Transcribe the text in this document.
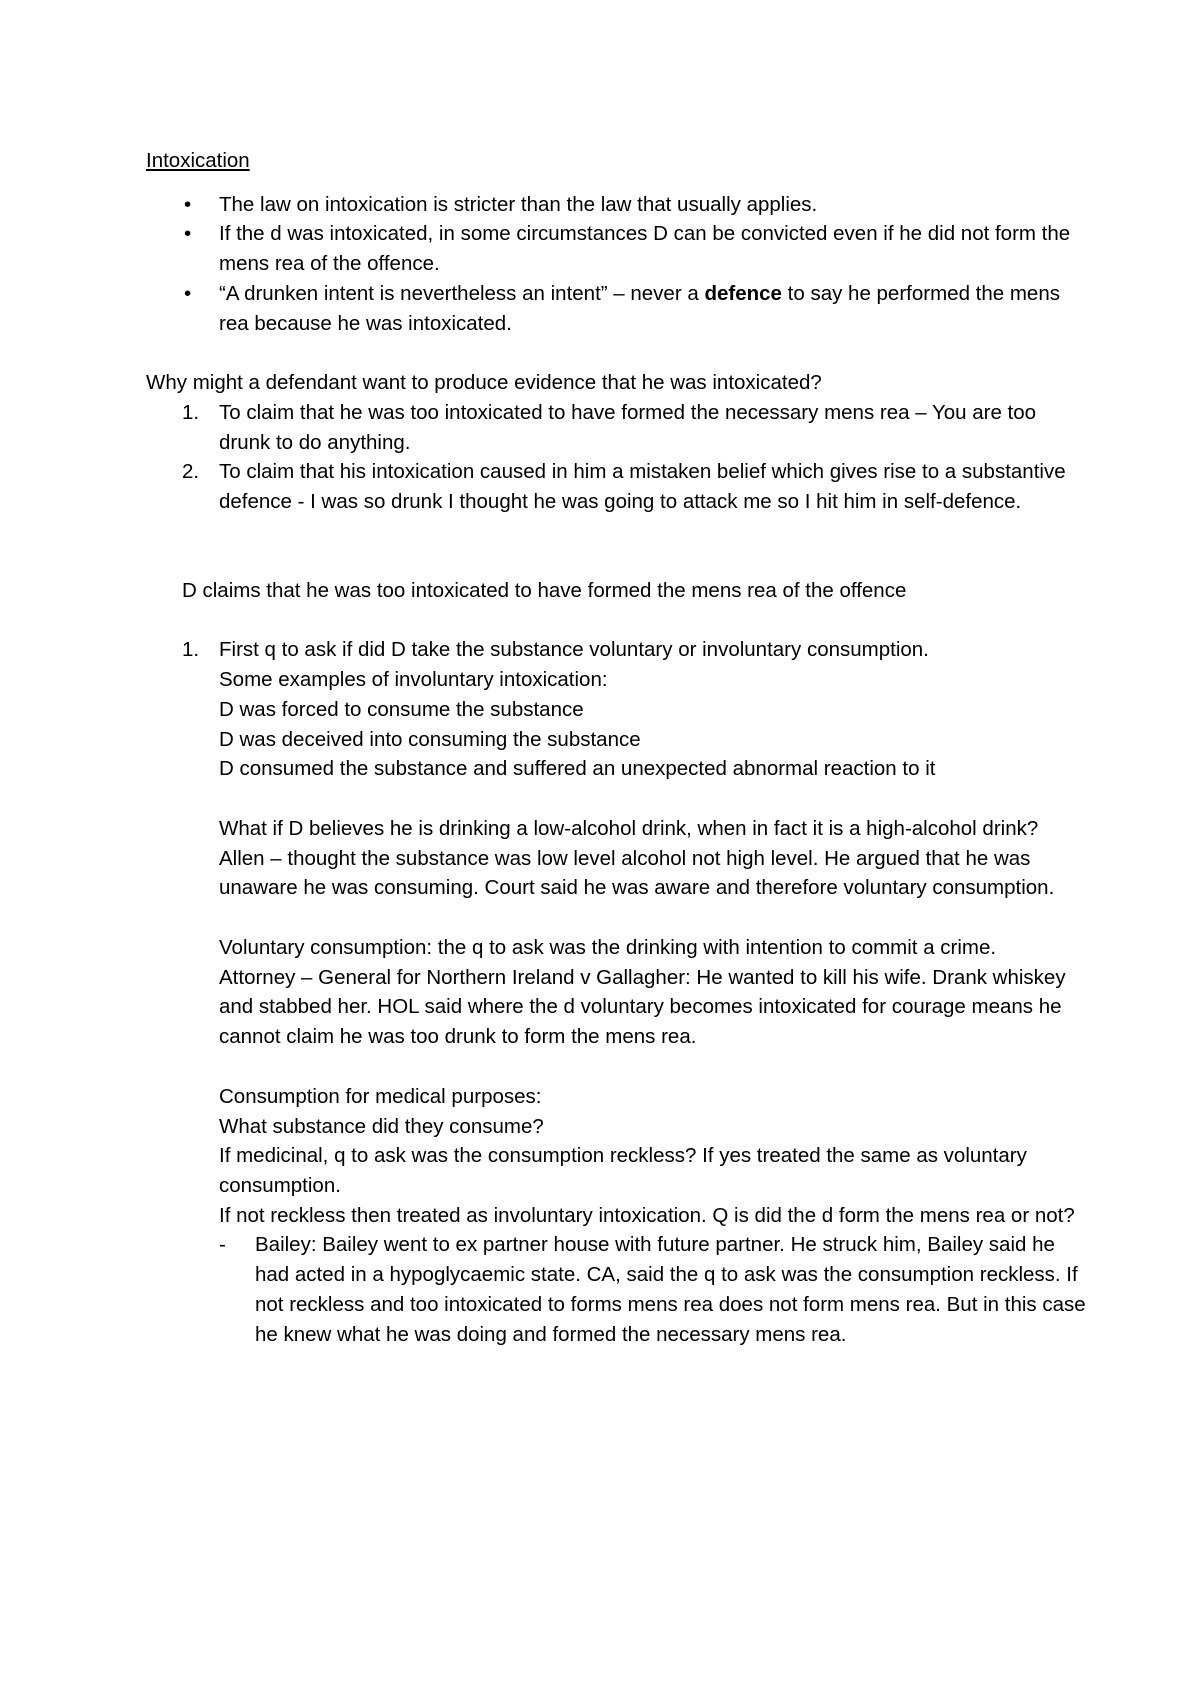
Intoxication
• The law on intoxication is stricter than the law that usually applies.
• If the d was intoxicated, in some circumstances D can be convicted even if he did not form the mens rea of the offence.
• “A drunken intent is nevertheless an intent” – never a defence to say he performed the mens rea because he was intoxicated.

Why might a defendant want to produce evidence that he was intoxicated?

1. To claim that he was too intoxicated to have formed the necessary mens rea – You are too drunk to do anything.
2. To claim that his intoxication caused in him a mistaken belief which gives rise to a substantive defence - I was so drunk I thought he was going to attack me so I hit him in self-defence.

D claims that he was too intoxicated to have formed the mens rea of the offence

1. First q to ask if did D take the substance voluntary or involuntary consumption.

Some examples of involuntary intoxication:

D was forced to consume the substance

D was deceived into consuming the substance

D consumed the substance and suffered an unexpected abnormal reaction to it

What if D believes he is drinking a low-alcohol drink, when in fact it is a high-alcohol drink?

Allen – thought the substance was low level alcohol not high level. He argued that he was unaware he was consuming. Court said he was aware and therefore voluntary consumption.

Voluntary consumption: the q to ask was the drinking with intention to commit a crime.

Attorney – General for Northern Ireland v Gallagher: He wanted to kill his wife. Drank whiskey and stabbed her. HOL said where the d voluntary becomes intoxicated for courage means he cannot claim he was too drunk to form the mens rea.

Consumption for medical purposes:

What substance did they consume?

If medicinal, q to ask was the consumption reckless? If yes treated the same as voluntary consumption.

If not reckless then treated as involuntary intoxication. Q is did the d form the mens rea or not?

- Bailey: Bailey went to ex partner house with future partner. He struck him, Bailey said he had acted in a hypoglycaemic state. CA, said the q to ask was the consumption reckless. If not reckless and too intoxicated to forms mens rea does not form mens rea. But in this case he knew what he was doing and formed the necessary mens rea.
